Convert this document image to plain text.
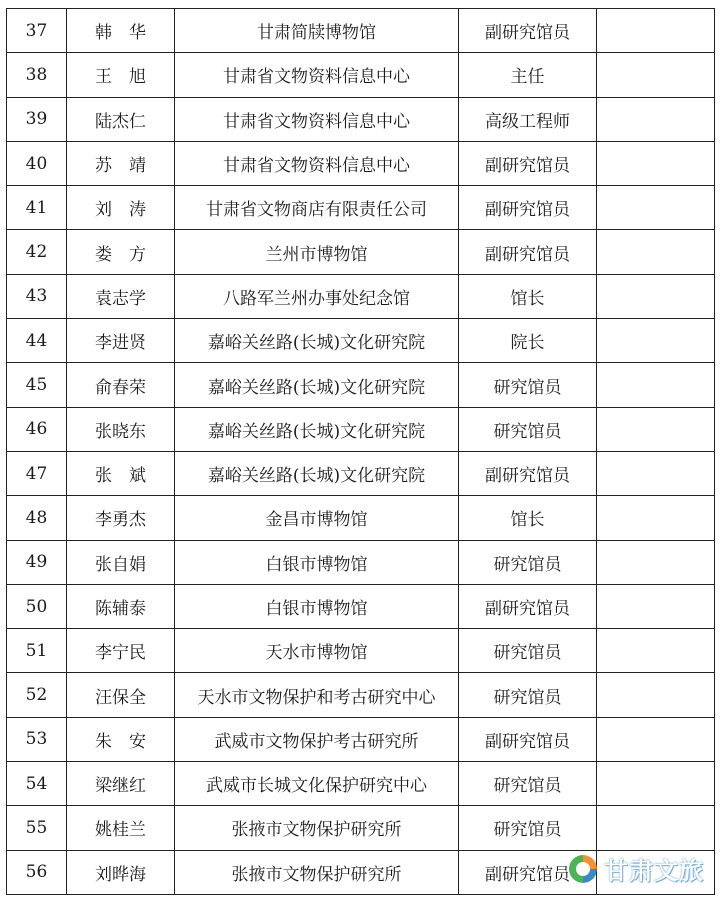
37	韩　华	甘肃简牍博物馆	副研究馆员	
38	王　旭	甘肃省文物资料信息中心	主任	
39	陆杰仁	甘肃省文物资料信息中心	高级工程师	
40	苏　靖	甘肃省文物资料信息中心	副研究馆员	
41	刘　涛	甘肃省文物商店有限责任公司	副研究馆员	
42	娄　方	兰州市博物馆	副研究馆员	
43	袁志学	八路军兰州办事处纪念馆	馆长	
44	李进贤	嘉峪关丝路(长城)文化研究院	院长	
45	俞春荣	嘉峪关丝路(长城)文化研究院	研究馆员	
46	张晓东	嘉峪关丝路(长城)文化研究院	研究馆员	
47	张　斌	嘉峪关丝路(长城)文化研究院	副研究馆员	
48	李勇杰	金昌市博物馆	馆长	
49	张自娟	白银市博物馆	研究馆员	
50	陈辅泰	白银市博物馆	副研究馆员	
51	李宁民	天水市博物馆	研究馆员	
52	汪保全	天水市文物保护和考古研究中心	研究馆员	
53	朱　安	武威市文物保护考古研究所	副研究馆员	
54	梁继红	武威市长城文化保护研究中心	研究馆员	
55	姚桂兰	张掖市文物保护研究所	研究馆员	
56	刘晔海	张掖市文物保护研究所	副研究馆员	甘肃文旅
